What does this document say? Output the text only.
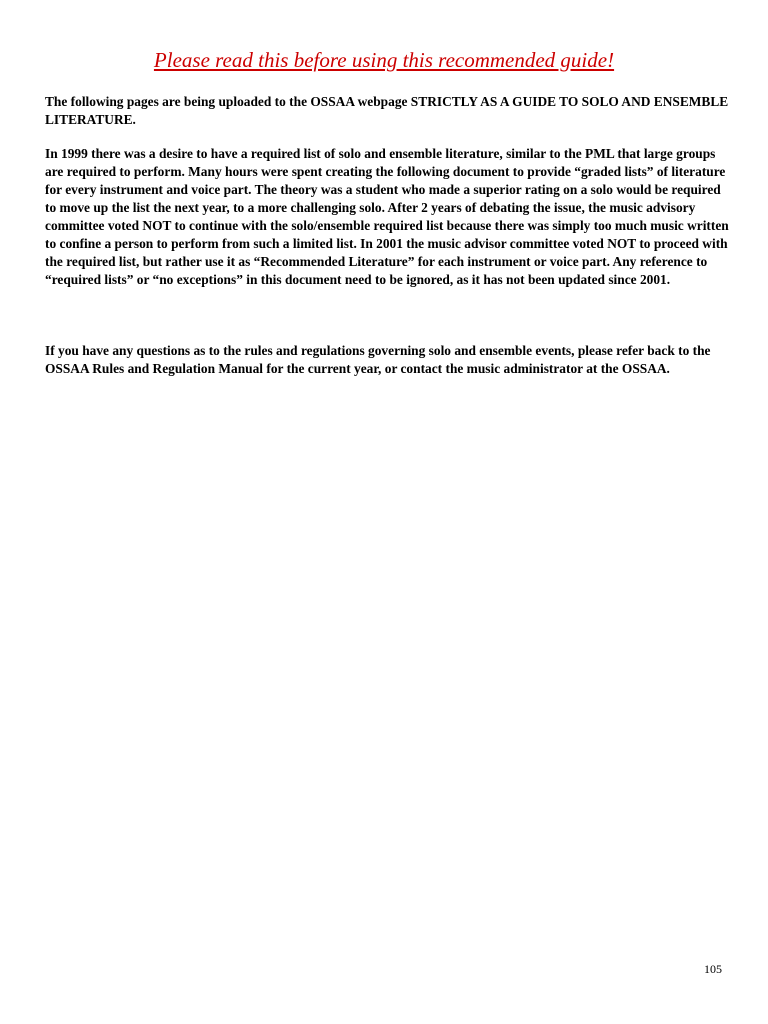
Please read this before using this recommended guide!

The following pages are being uploaded to the OSSAA webpage STRICTLY AS A GUIDE TO SOLO AND ENSEMBLE LITERATURE.

In 1999 there was a desire to have a required list of solo and ensemble literature, similar to the PML that large groups are required to perform. Many hours were spent creating the following document to provide “graded lists” of literature for every instrument and voice part. The theory was a student who made a superior rating on a solo would be required to move up the list the next year, to a more challenging solo. After 2 years of debating the issue, the music advisory committee voted NOT to continue with the solo/ensemble required list because there was simply too much music written to confine a person to perform from such a limited list. In 2001 the music advisor committee voted NOT to proceed with the required list, but rather use it as “Recommended Literature” for each instrument or voice part. Any reference to “required lists” or “no exceptions” in this document need to be ignored, as it has not been updated since 2001.

If you have any questions as to the rules and regulations governing solo and ensemble events, please refer back to the OSSAA Rules and Regulation Manual for the current year, or contact the music administrator at the OSSAA.

105
